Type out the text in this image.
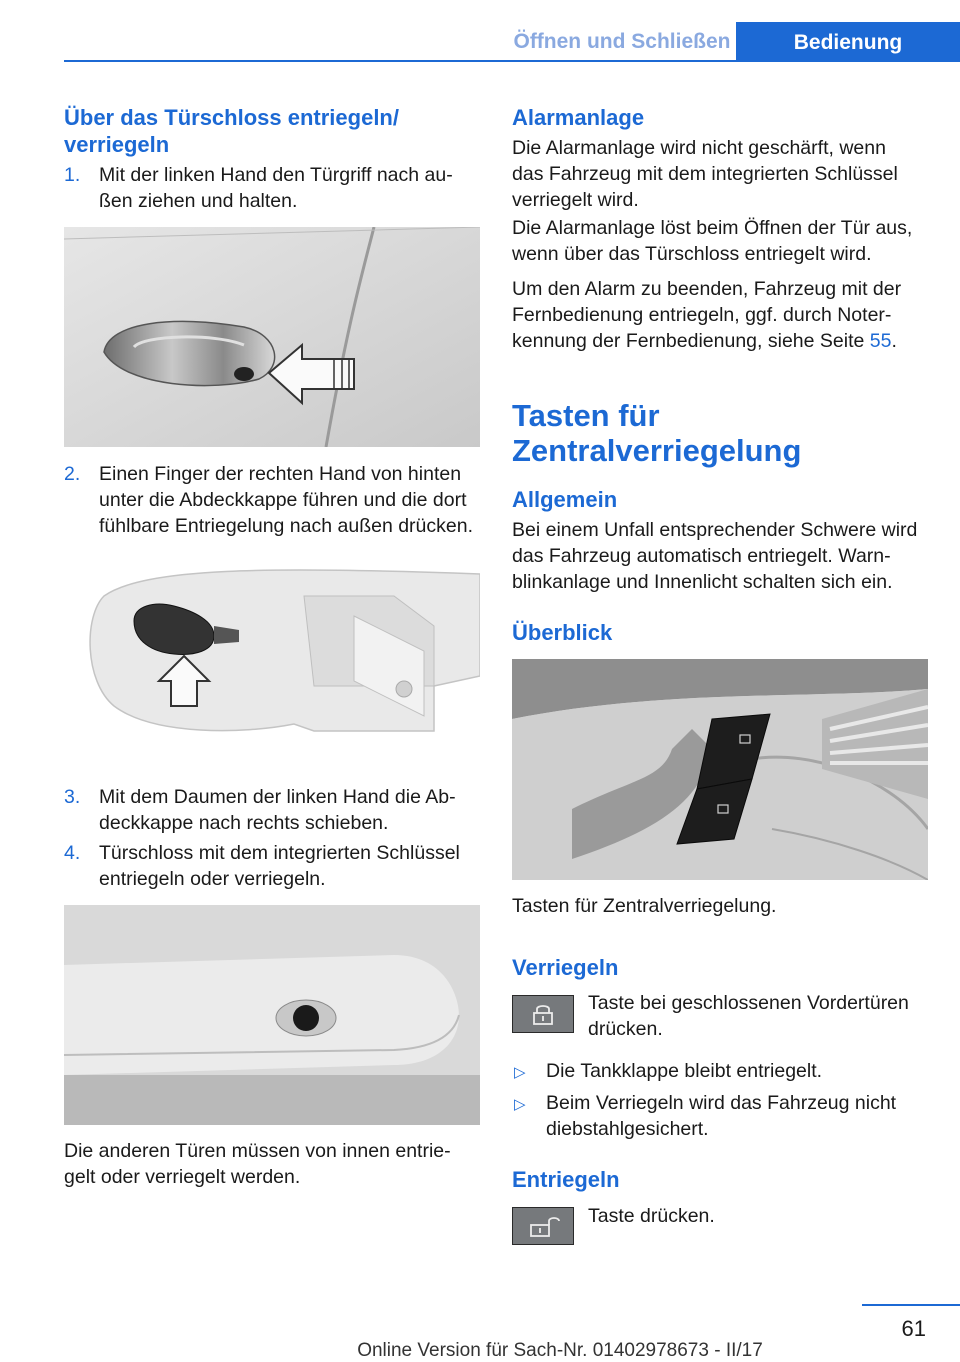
Öffnen und Schließen	Bedienung
Über das Türschloss entriegeln/
verriegeln
1. Mit der linken Hand den Türgriff nach au‐
ßen ziehen und halten.
2. Einen Finger der rechten Hand von hinten
unter die Abdeckkappe führen und die dort
fühlbare Entriegelung nach außen drücken.
3. Mit dem Daumen der linken Hand die Ab‐
deckkappe nach rechts schieben.
4. Türschloss mit dem integrierten Schlüssel
entriegeln oder verriegeln.
Die anderen Türen müssen von innen entrie‐
gelt oder verriegelt werden.
Alarmanlage
Die Alarmanlage wird nicht geschärft, wenn
das Fahrzeug mit dem integrierten Schlüssel
verriegelt wird.
Die Alarmanlage löst beim Öffnen der Tür aus,
wenn über das Türschloss entriegelt wird.
Um den Alarm zu beenden, Fahrzeug mit der
Fernbedienung entriegeln, ggf. durch Noter‐
kennung der Fernbedienung, siehe Seite 55.
Tasten für
Zentralverriegelung
Allgemein
Bei einem Unfall entsprechender Schwere wird
das Fahrzeug automatisch entriegelt. Warn‐
blinkanlage und Innenlicht schalten sich ein.
Überblick
Tasten für Zentralverriegelung.
Verriegeln
Taste bei geschlossenen Vordertüren
drücken.
▷ Die Tankklappe bleibt entriegelt.
▷ Beim Verriegeln wird das Fahrzeug nicht
diebstahlgesichert.
Entriegeln
Taste drücken.
61
Online Version für Sach-Nr. 01402978673 - II/17
